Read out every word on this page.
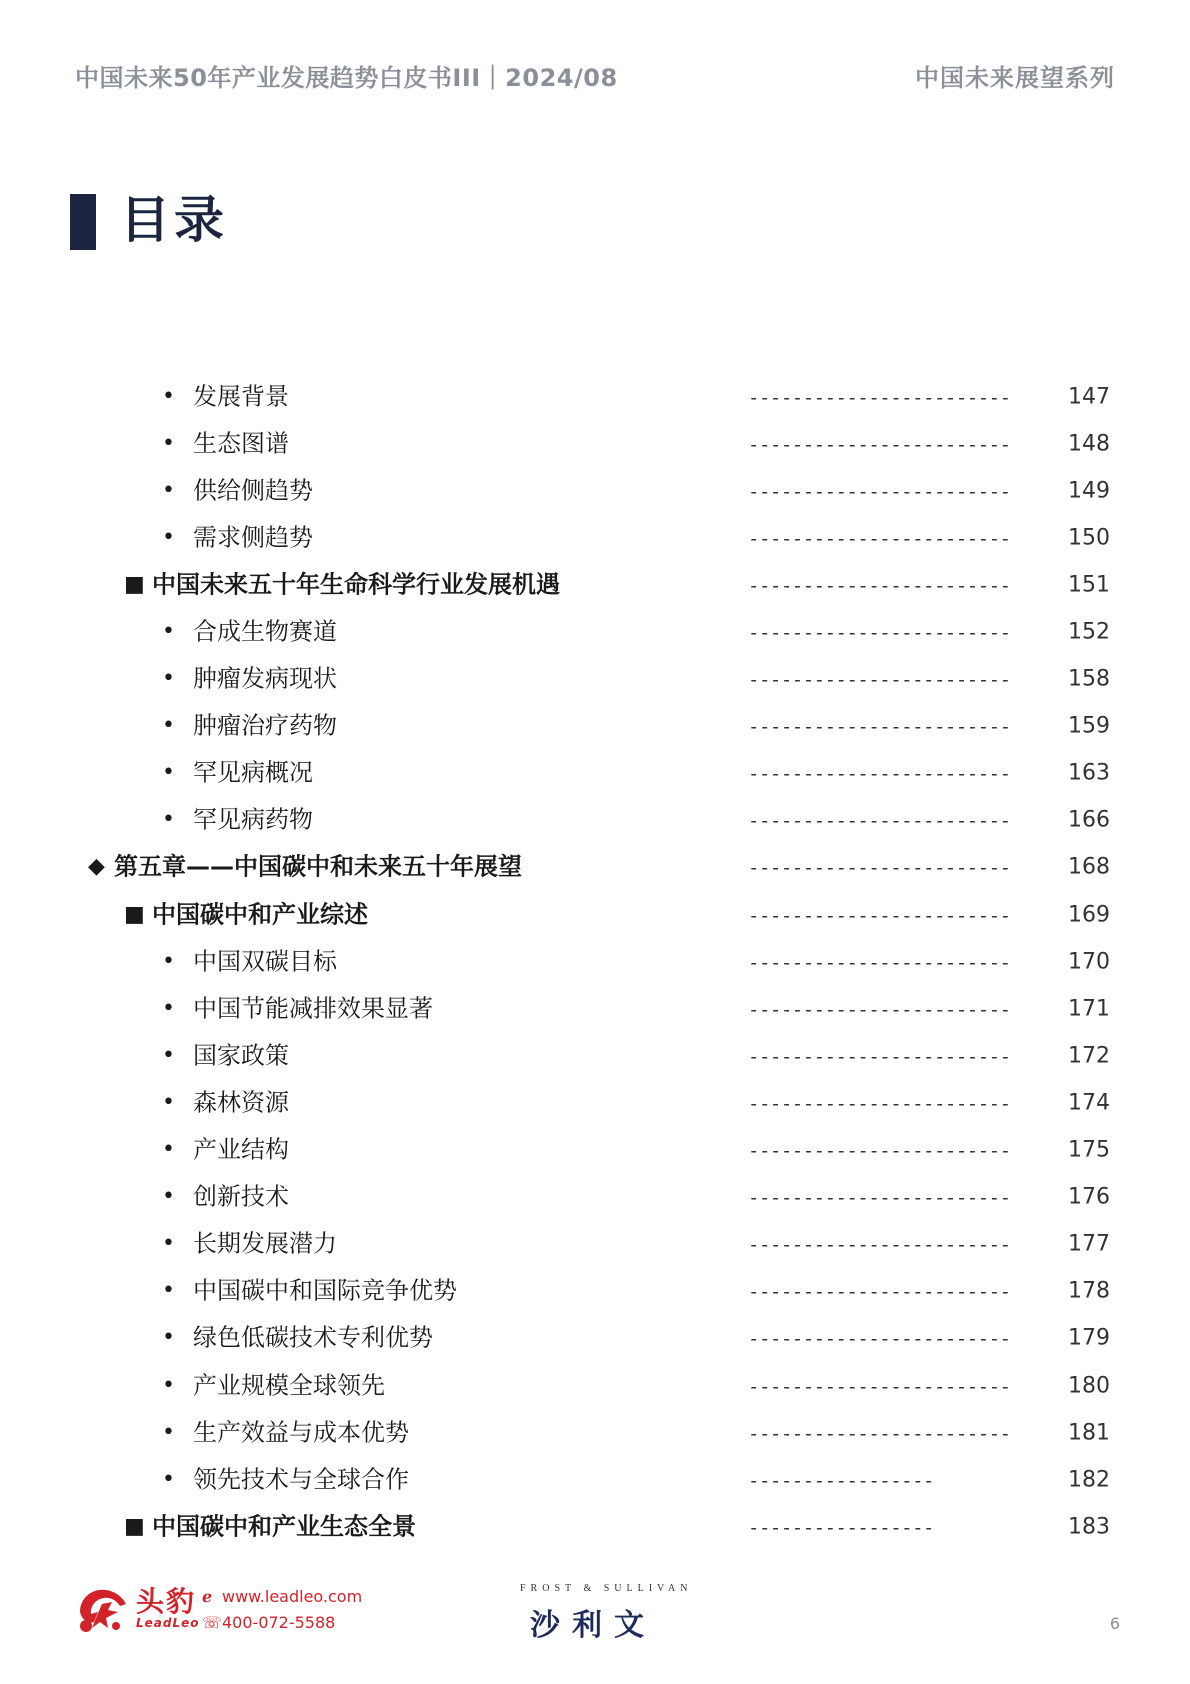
中国未来50年产业发展趋势白皮书III｜2024/08	中国未来展望系列
目录
• 发展背景	------------------------	147
• 生态图谱	------------------------	148
• 供给侧趋势	------------------------	149
• 需求侧趋势	------------------------	150
■ 中国未来五十年生命科学行业发展机遇	------------------------	151
• 合成生物赛道	------------------------	152
• 肿瘤发病现状	------------------------	158
• 肿瘤治疗药物	------------------------	159
• 罕见病概况	------------------------	163
• 罕见病药物	------------------------	166
◆ 第五章——中国碳中和未来五十年展望	------------------------	168
■ 中国碳中和产业综述	------------------------	169
• 中国双碳目标	------------------------	170
• 中国节能减排效果显著	------------------------	171
• 国家政策	------------------------	172
• 森林资源	------------------------	174
• 产业结构	------------------------	175
• 创新技术	------------------------	176
• 长期发展潜力	------------------------	177
• 中国碳中和国际竞争优势	------------------------	178
• 绿色低碳技术专利优势	------------------------	179
• 产业规模全球领先	------------------------	180
• 生产效益与成本优势	------------------------	181
• 领先技术与全球合作	-----------------	182
■ 中国碳中和产业生态全景	-----------------	183
头豹
LeadLeo
ℯ www.leadleo.com
☏400-072-5588
FROST & SULLIVAN
沙利文	6
